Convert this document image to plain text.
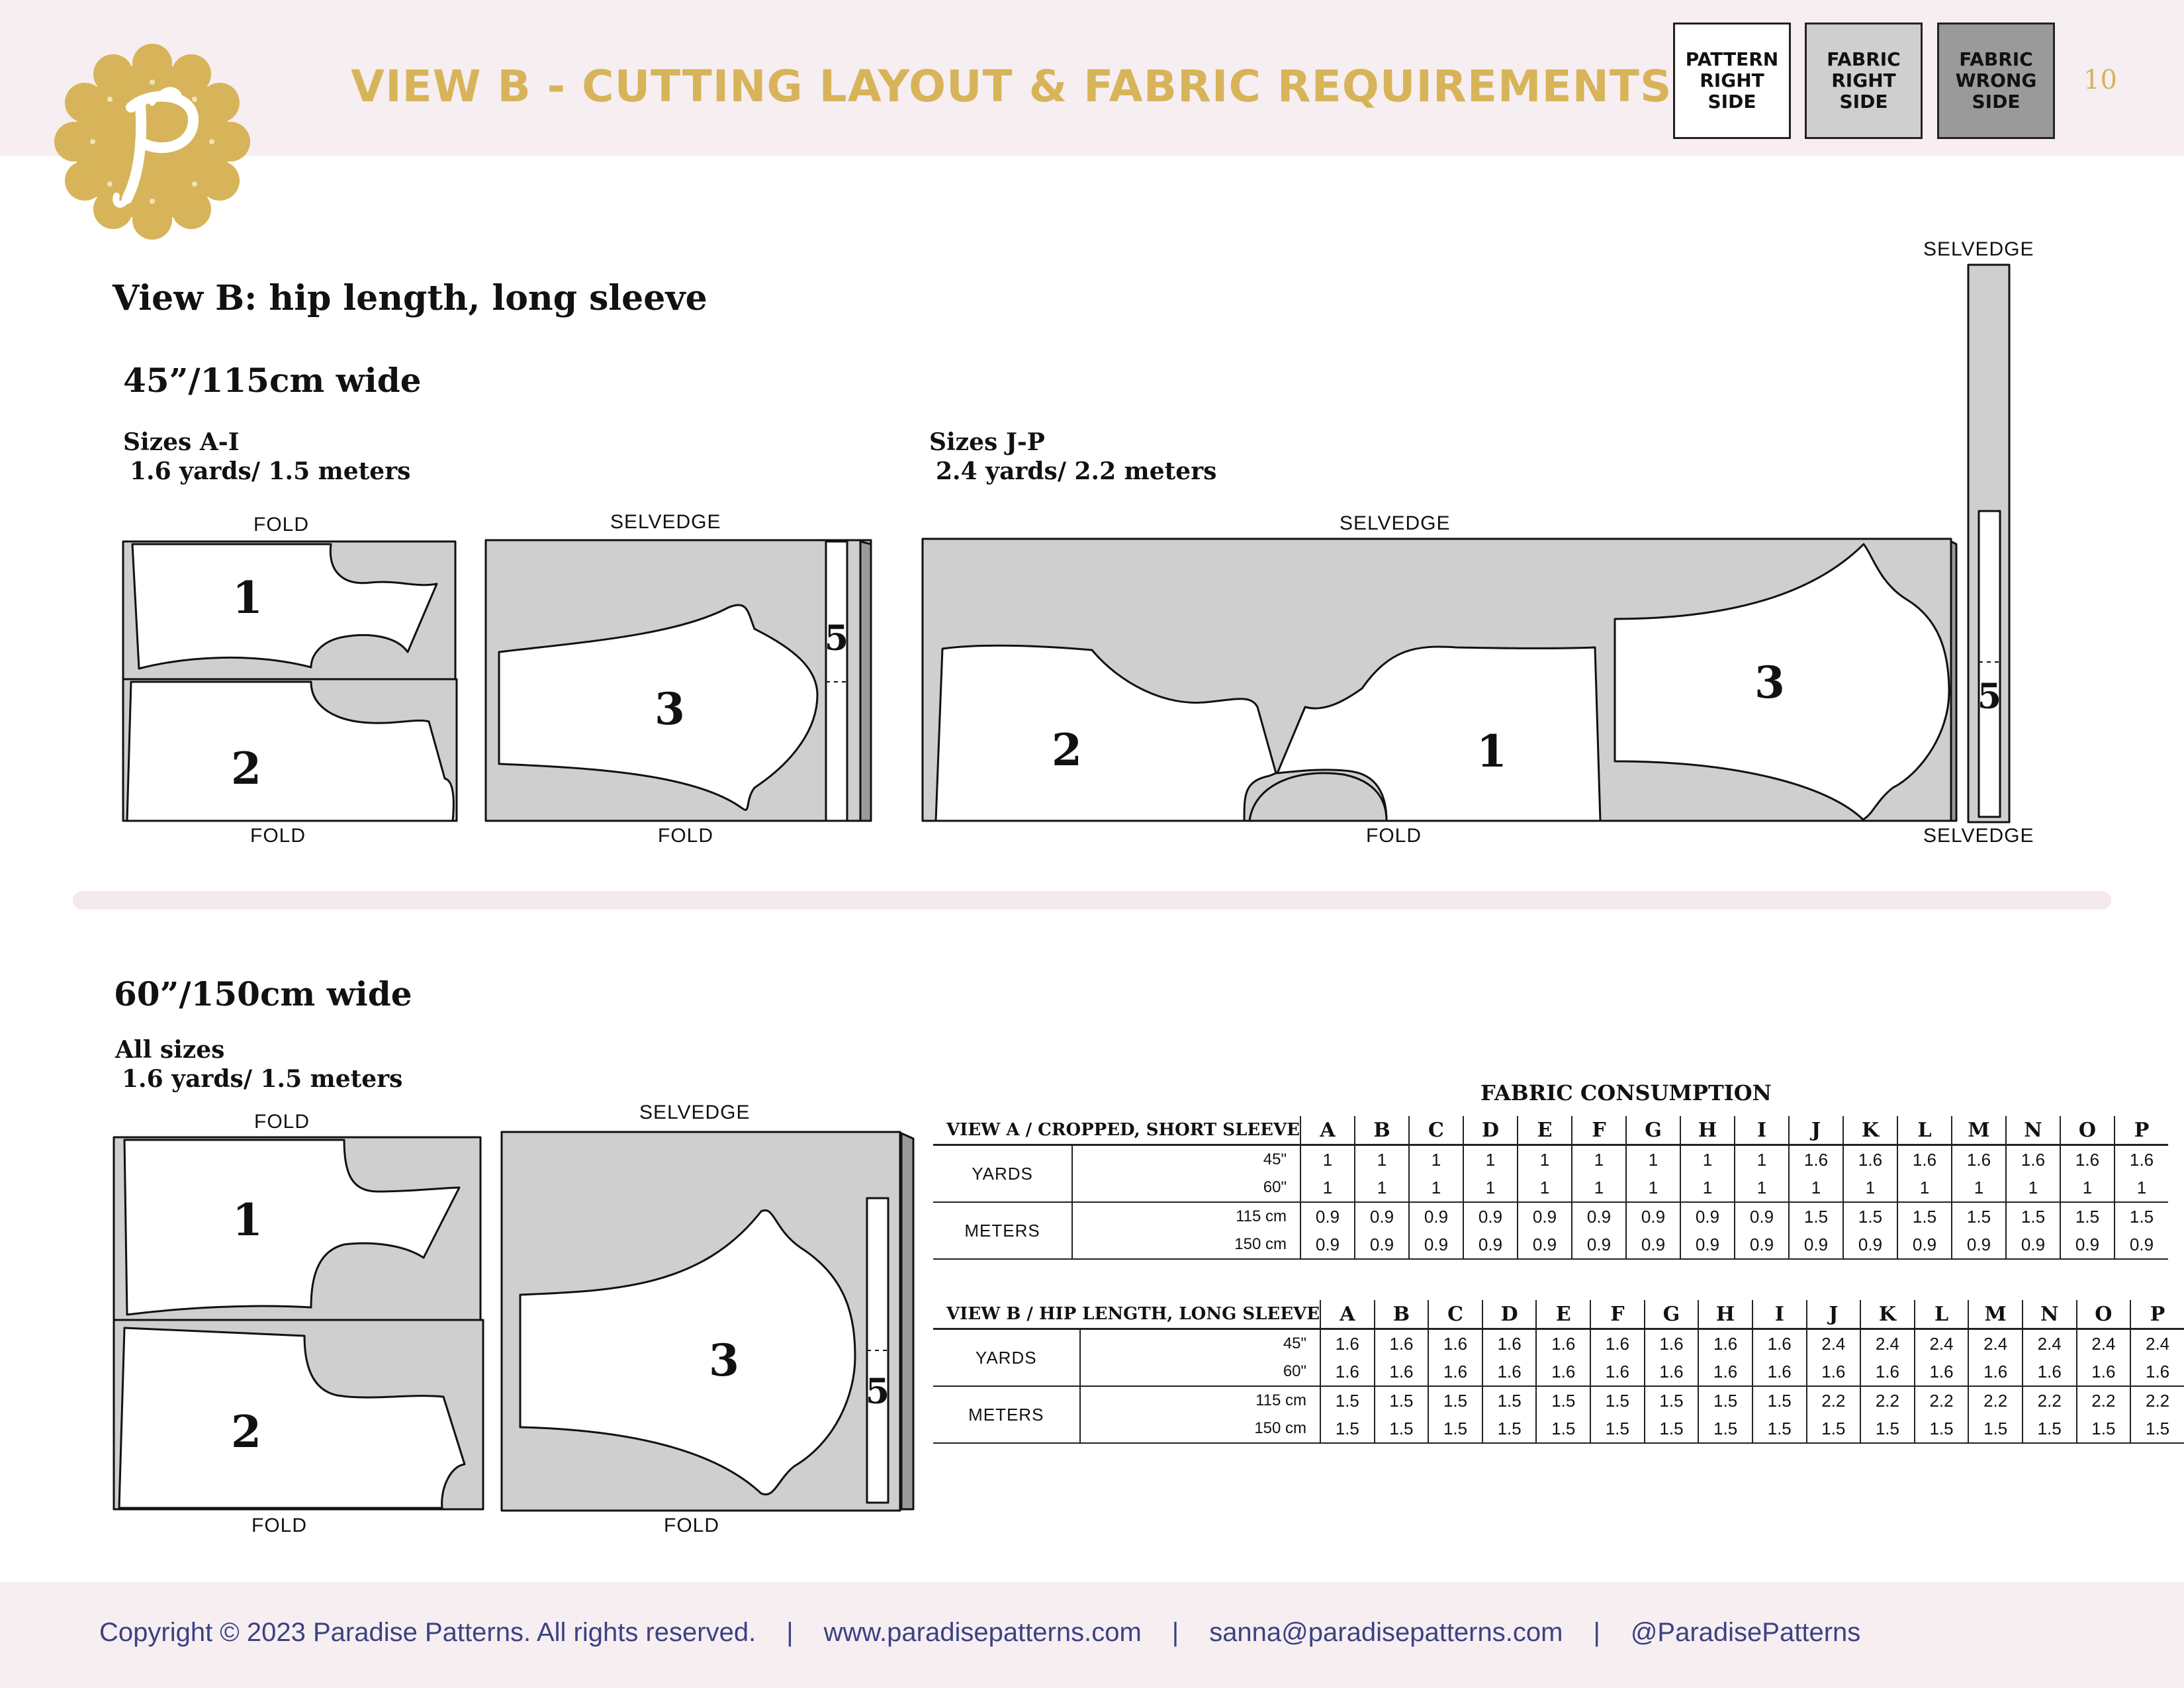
VIEW B - CUTTING LAYOUT & FABRIC REQUIREMENTS
PATTERN
RIGHT
SIDE
FABRIC
RIGHT
SIDE
FABRIC
WRONG
SIDE
10
View B: hip length, long sleeve
45”/115cm wide
Sizes A-I
1.6 yards/ 1.5 meters
Sizes J-P
2.4 yards/ 2.2 meters
1
2
3
5
2	1
3	5
1
2
3
5
FOLD
FOLD
SELVEDGE
FOLD
SELVEDGE
FOLD
SELVEDGE
SELVEDGE
60”/150cm wide
All sizes
1.6 yards/ 1.5 meters
FOLD
FOLD
SELVEDGE
FOLD
FABRIC CONSUMPTION
VIEW A / CROPPED, SHORT SLEEVE		A	B	C	D	E	F	G	H	I	J	K	L	M	N	O	P
YARDS	45"	1	1	1	1	1	1	1	1	1	1.6	1.6	1.6	1.6	1.6	1.6	1.6
	60"	1	1	1	1	1	1	1	1	1	1	1	1	1	1	1	1
METERS	115 cm	0.9	0.9	0.9	0.9	0.9	0.9	0.9	0.9	0.9	1.5	1.5	1.5	1.5	1.5	1.5	1.5
	150 cm	0.9	0.9	0.9	0.9	0.9	0.9	0.9	0.9	0.9	0.9	0.9	0.9	0.9	0.9	0.9	0.9
VIEW B / HIP LENGTH, LONG SLEEVE		A	B	C	D	E	F	G	H	I	J	K	L	M	N	O	P
YARDS	45"	1.6	1.6	1.6	1.6	1.6	1.6	1.6	1.6	1.6	2.4	2.4	2.4	2.4	2.4	2.4	2.4
	60"	1.6	1.6	1.6	1.6	1.6	1.6	1.6	1.6	1.6	1.6	1.6	1.6	1.6	1.6	1.6	1.6
METERS	115 cm	1.5	1.5	1.5	1.5	1.5	1.5	1.5	1.5	1.5	2.2	2.2	2.2	2.2	2.2	2.2	2.2
	150 cm	1.5	1.5	1.5	1.5	1.5	1.5	1.5	1.5	1.5	1.5	1.5	1.5	1.5	1.5	1.5	1.5
Copyright © 2023 Paradise Patterns. All rights reserved. | www.paradisepatterns.com | sanna@paradisepatterns.com | @ParadisePatterns
